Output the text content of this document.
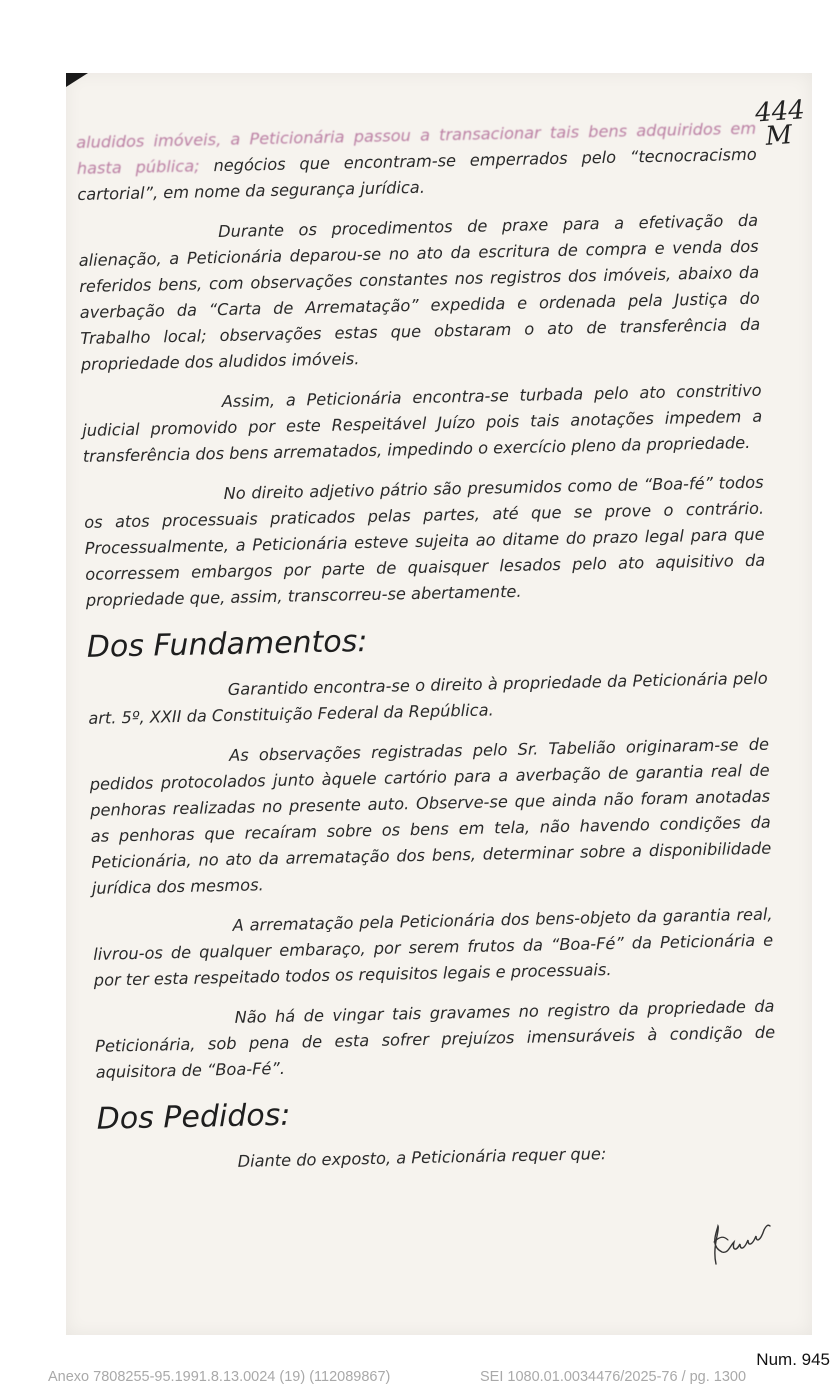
444
M

aludidos imóveis, a Peticionária passou a transacionar tais bens adquiridos em hasta pública; negócios que encontram-se emperrados pelo “tecnocracismo cartorial”, em nome da segurança jurídica.

Durante os procedimentos de praxe para a efetivação da alienação, a Peticionária deparou-se no ato da escritura de compra e venda dos referidos bens, com observações constantes nos registros dos imóveis, abaixo da averbação da “Carta de Arrematação” expedida e ordenada pela Justiça do Trabalho local; observações estas que obstaram o ato de transferência da propriedade dos aludidos imóveis.

Assim, a Peticionária encontra-se turbada pelo ato constritivo judicial promovido por este Respeitável Juízo pois tais anotações impedem a transferência dos bens arrematados, impedindo o exercício pleno da propriedade.

No direito adjetivo pátrio são presumidos como de “Boa-fé” todos os atos processuais praticados pelas partes, até que se prove o contrário. Processualmente, a Peticionária esteve sujeita ao ditame do prazo legal para que ocorressem embargos por parte de quaisquer lesados pelo ato aquisitivo da propriedade que, assim, transcorreu-se abertamente.

Dos Fundamentos:

Garantido encontra-se o direito à propriedade da Peticionária pelo art. 5º, XXII da Constituição Federal da República.

As observações registradas pelo Sr. Tabelião originaram-se de pedidos protocolados junto àquele cartório para a averbação de garantia real de penhoras realizadas no presente auto. Observe-se que ainda não foram anotadas as penhoras que recaíram sobre os bens em tela, não havendo condições da Peticionária, no ato da arrematação dos bens, determinar sobre a disponibilidade jurídica dos mesmos.

A arrematação pela Peticionária dos bens-objeto da garantia real, livrou-os de qualquer embaraço, por serem frutos da “Boa-Fé” da Peticionária e por ter esta respeitado todos os requisitos legais e processuais.

Não há de vingar tais gravames no registro da propriedade da Peticionária, sob pena de esta sofrer prejuízos imensuráveis à condição de aquisitora de “Boa-Fé”.

Dos Pedidos:

Diante do exposto, a Peticionária requer que:

Num. 945
Anexo 7808255-95.1991.8.13.0024 (19) (112089867)	SEI 1080.01.0034476/2025-76 / pg. 1300
